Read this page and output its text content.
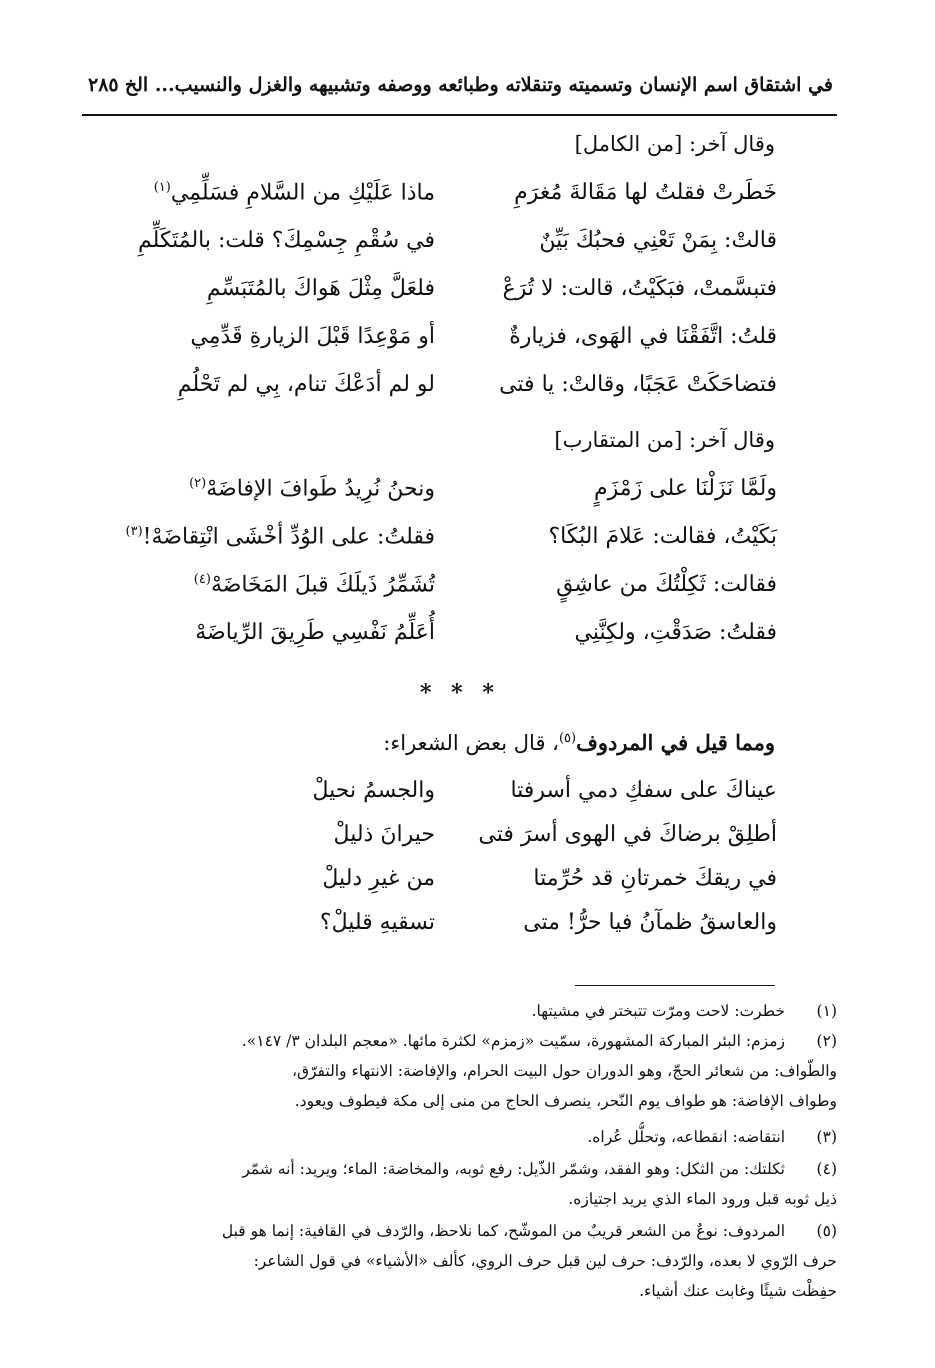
في اشتقاق اسم الإنسان وتسميته وتنقلاته وطبائعه ووصفه وتشبيهه والغزل والنسيب... الخ
٢٨٥
وقال آخر: [من الكامل]
خَطَرتْ فقلتُ لها مَقَالةَ مُغرَمِ
ماذا عَلَيْكِ من السَّلامِ فسَلِّمِي$^{(١)}$
قالتْ: بِمَنْ تَعْنِي فحبُكَ بَيِّنٌ
في سُقْمِ جِسْمِكَ؟ قلت: بالمُتَكَلِّمِ
فتبسَّمتْ، فبَكَيْتُ، قالت: لا تُرَعْ
فلعَلَّ مِثْلَ هَواكَ بالمُتَبَسِّمِ
قلتُ: اتَّفَقْنَا في الهَوى، فزيارةٌ
أو مَوْعِدًا قَبْلَ الزيارةِ قَدِّمِي
فتضاحَكَتْ عَجَبًا، وقالتْ: يا فتى
لو لم أدَعْكَ تنام، بِي لم تَحْلُمِ
وقال آخر: [من المتقارب]
ولَمَّا نَزَلْنَا على زَمْزَمٍ
ونحنُ نُرِيدُ طَوافَ الإفاضَهْ$^{(٢)}$
بَكَيْتُ، فقالت: عَلامَ البُكَا؟
فقلتُ: على الوُدِّ أخْشَى انْتِقاضَهْ!$^{(٣)}$
فقالت: ثَكِلْتُكَ من عاشِقٍ
تُشَمِّرُ ذَيلَكَ قبلَ المَخَاضَهْ$^{(٤)}$
فقلتُ: صَدَقْتِ، ولكِنَّنِي
أُعَلِّمُ نَفْسِي طَرِيقَ الرِّياضَهْ
* * *
ومما قيل في المردوف$^{(٥)}$، قال بعض الشعراء:
عيناكَ على سفكِ دمي أسرفتا
والجسمُ نحيلْ
أطلِقْ برضاكَ في الهوى أسرَ فتى
حيرانَ ذليلْ
في ريقكَ خمرتانِ قد حُرِّمتا
من غيرِ دليلْ
والعاسقُ ظمآنُ فيا حرُّ! متى
تسقيهِ قليلْ؟
(١)
خطرت: لاحت ومرّت تتبختر في مشيتها.
(٢)
زمزم: البئر المباركة المشهورة، سمّيت «زمزم» لكثرة مائها. «معجم البلدان ٣/ ١٤٧».
والطّواف: من شعائر الحجّ، وهو الدوران حول البيت الحرام، والإفاضة: الانتهاء والتفرّق،
وطواف الإفاضة: هو طواف يوم النّحر، ينصرف الحاج من منى إلى مكة فيطوف ويعود.
(٣)
انتقاضه: انقطاعه، وتحلُّل عُراه.
(٤)
ثكلتك: من الثكل: وهو الفقد، وشمّر الذّيل: رفع ثوبه، والمخاضة: الماء؛ ويريد: أنه شمّر
ذيل ثوبه قبل ورود الماء الذي يريد اجتيازه.
(٥)
المردوف: نوعٌ من الشعر قريبٌ من الموشّح، كما نلاحظ، والرّدف في القافية: إنما هو قبل
حرف الرّوي لا بعده، والرّدف: حرف لين قبل حرف الروي، كألف «الأشياء» في قول الشاعر:
حفِظْت شيئًا وغابت عنك أشياء.
